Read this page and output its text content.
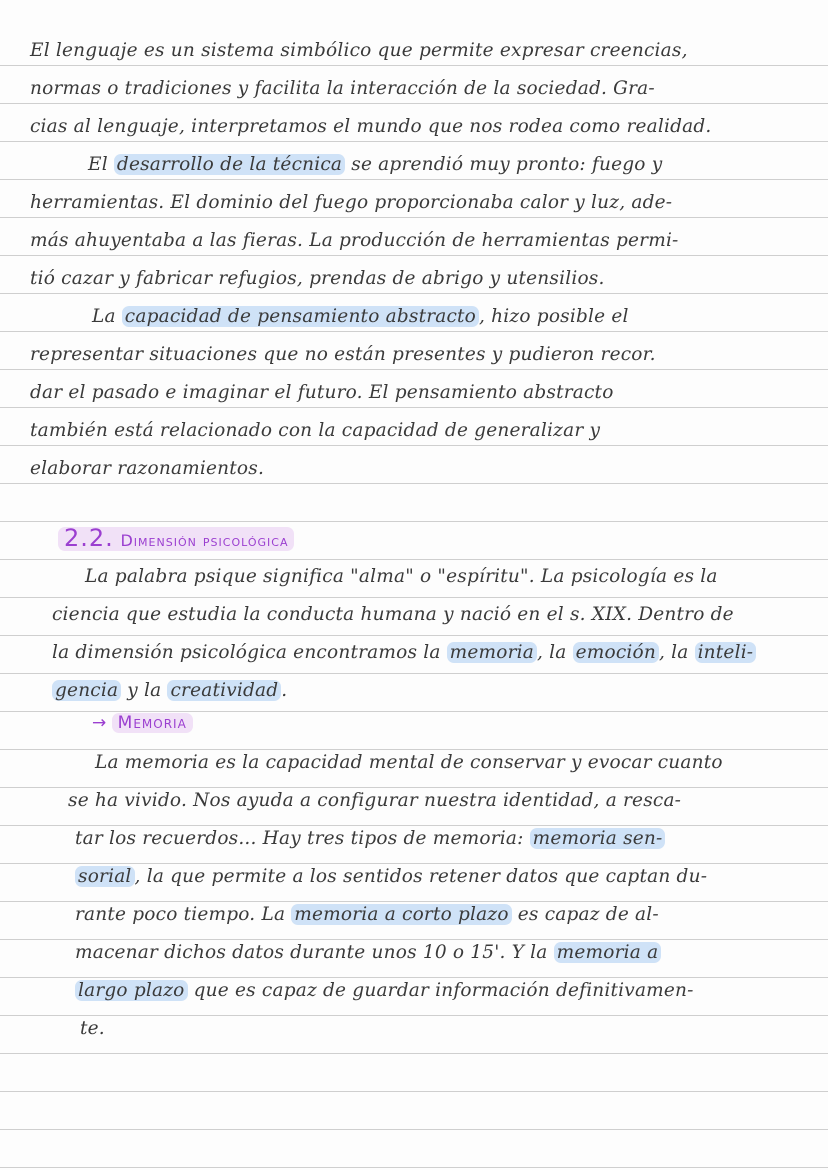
El lenguaje es un sistema simbólico que permite expresar creencias,
normas o tradiciones y facilita la interacción de la sociedad. Gra-
cias al lenguaje, interpretamos el mundo que nos rodea como realidad.
El desarrollo de la técnica se aprendió muy pronto: fuego y
herramientas. El dominio del fuego proporcionaba calor y luz, ade-
más ahuyentaba a las fieras. La producción de herramientas permi-
tió cazar y fabricar refugios, prendas de abrigo y utensilios.
La capacidad de pensamiento abstracto , hizo posible el
representar situaciones que no están presentes y pudieron recor.
dar el pasado e imaginar el futuro. El pensamiento abstracto
también está relacionado con la capacidad de generalizar y
elaborar razonamientos.
2.2. Dimensión psicológica
La palabra psique significa "alma" o "espíritu". La psicología es la
ciencia que estudia la conducta humana y nació en el s. XIX. Dentro de
la dimensión psicológica encontramos la memoria , la emoción , la inteli-
gencia y la creatividad .
→ Memoria
La memoria es la capacidad mental de conservar y evocar cuanto
se ha vivido. Nos ayuda a configurar nuestra identidad, a resca-
tar los recuerdos... Hay tres tipos de memoria: memoria sen-
sorial , la que permite a los sentidos retener datos que captan du-
rante poco tiempo. La memoria a corto plazo es capaz de al-
macenar dichos datos durante unos 10 o 15'. Y la memoria a
largo plazo que es capaz de guardar información definitivamen-
te.
